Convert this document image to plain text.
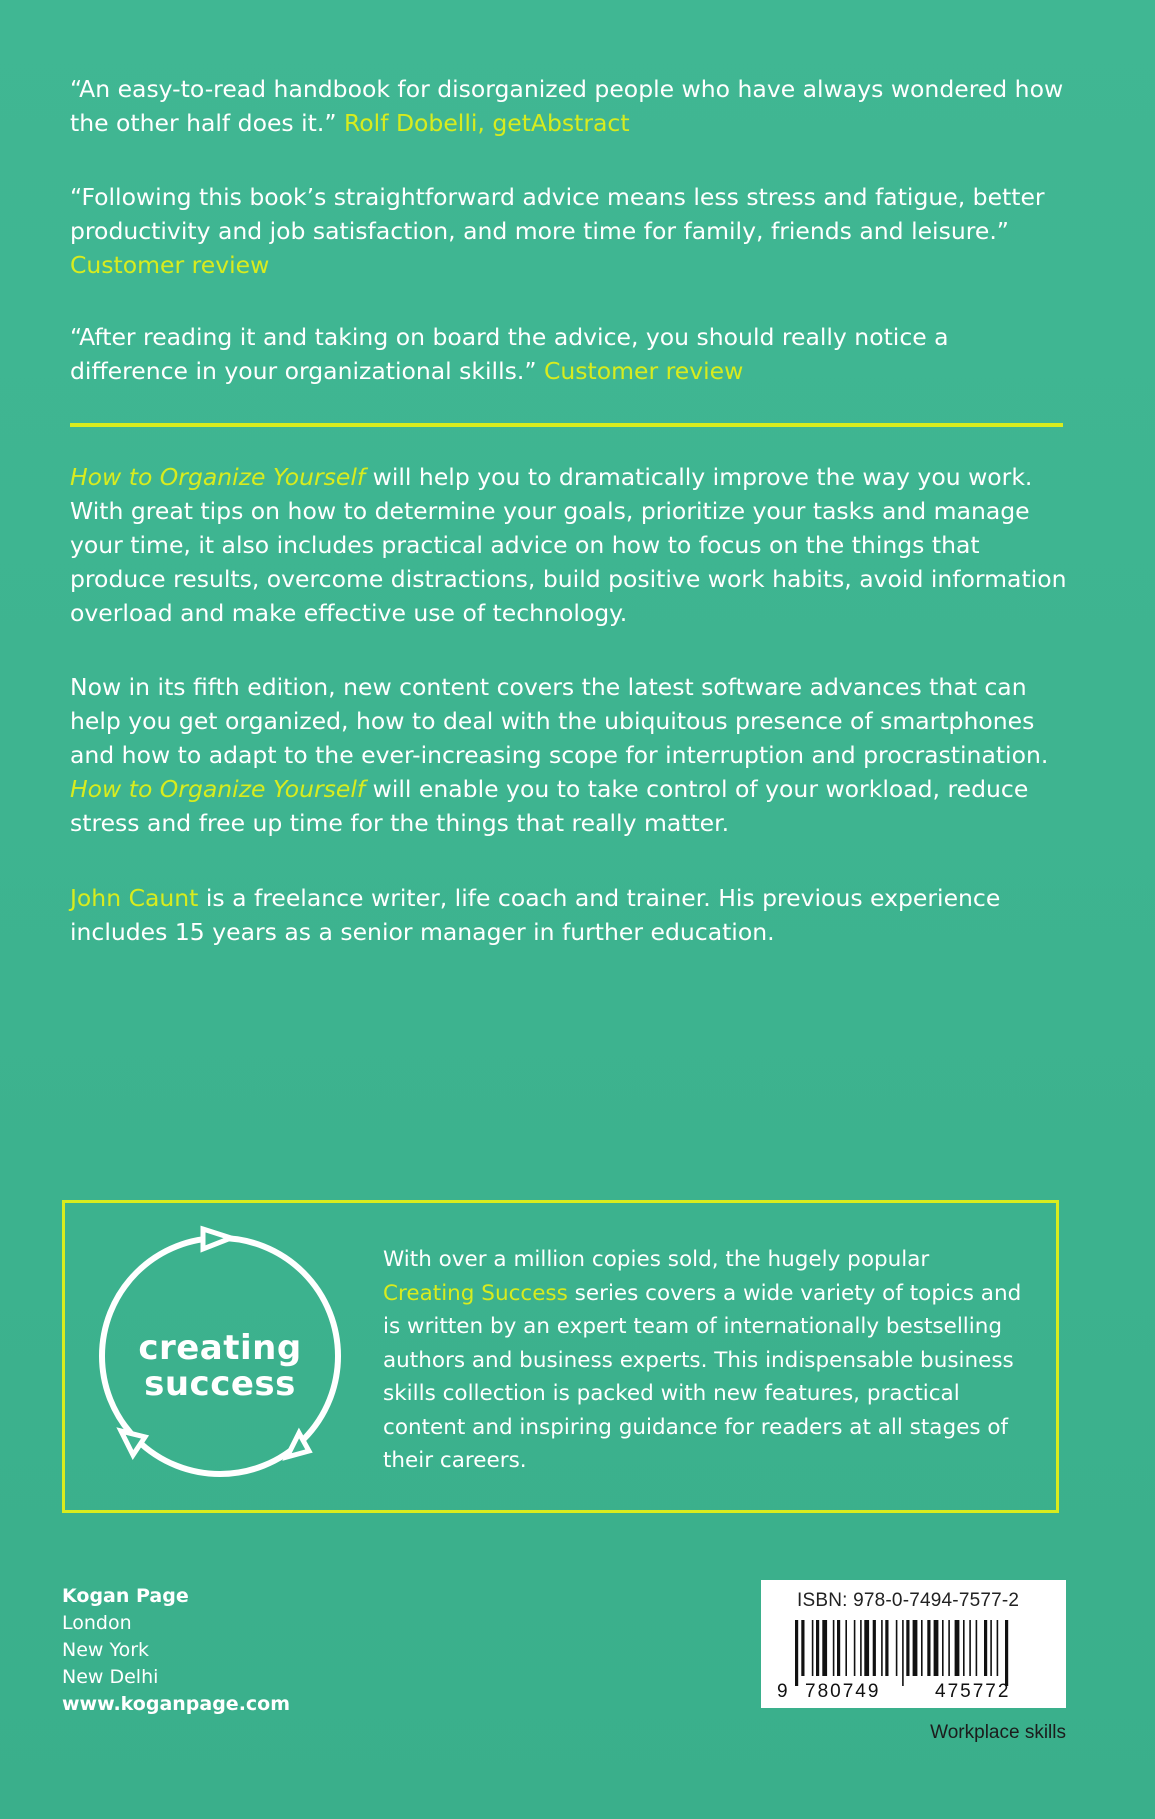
“An easy-to-read handbook for disorganized people who have always wondered how the other half does it.” Rolf Dobelli, getAbstract

“Following this book’s straightforward advice means less stress and fatigue, better productivity and job satisfaction, and more time for family, friends and leisure.” Customer review

“After reading it and taking on board the advice, you should really notice a difference in your organizational skills.” Customer review

How to Organize Yourself will help you to dramatically improve the way you work. With great tips on how to determine your goals, prioritize your tasks and manage your time, it also includes practical advice on how to focus on the things that produce results, overcome distractions, build positive work habits, avoid information overload and make effective use of technology.

Now in its fifth edition, new content covers the latest software advances that can help you get organized, how to deal with the ubiquitous presence of smartphones and how to adapt to the ever-increasing scope for interruption and procrastination. How to Organize Yourself will enable you to take control of your workload, reduce stress and free up time for the things that really matter.

John Caunt is a freelance writer, life coach and trainer. His previous experience includes 15 years as a senior manager in further education.

creating
success

With over a million copies sold, the hugely popular Creating Success series covers a wide variety of topics and is written by an expert team of internationally bestselling authors and business experts. This indispensable business skills collection is packed with new features, practical content and inspiring guidance for readers at all stages of their careers.

Kogan Page
London
New York
New Delhi
www.koganpage.com
ISBN: 978-0-7494-7577-2
9 780749	475772
Workplace skills
